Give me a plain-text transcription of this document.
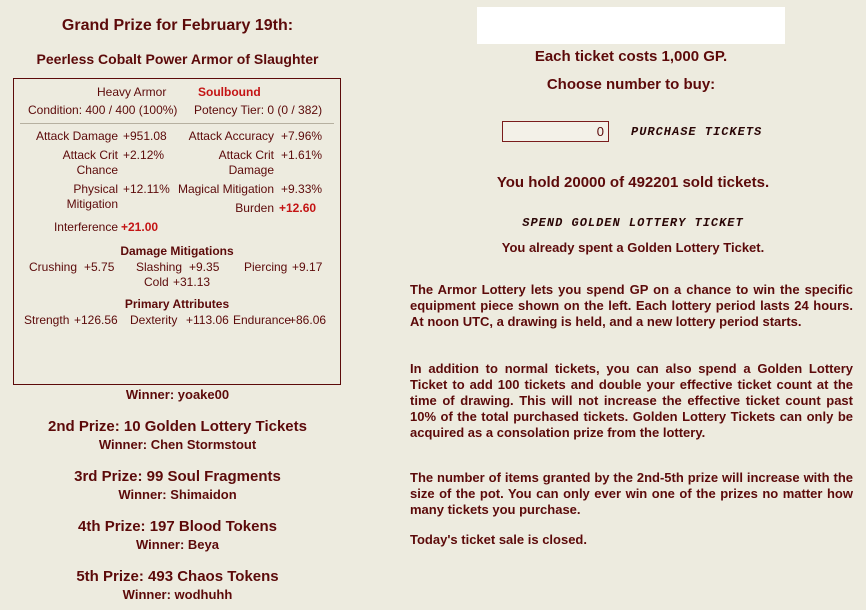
Grand Prize for February 19th:
Peerless Cobalt Power Armor of Slaughter
Heavy Armor	Soulbound
Condition: 400 / 400 (100%) Potency Tier: 0 (0 / 382)
Attack Damage +951.08 Attack Accuracy +7.96%
Attack Crit
Chance
+2.12%	Attack Crit
Damage
+1.61%
Physical
Mitigation
+12.11% Magical Mitigation +9.33%
Burden +12.60
Interference +21.00
Damage Mitigations
Crushing +5.75 Slashing +9.35 Piercing +9.17
Cold +31.13
Primary Attributes
Strength +126.56 Dexterity +113.06 Endurance
+86.06
Winner: yoake00
2nd Prize: 10 Golden Lottery Tickets
Winner: Chen Stormstout
3rd Prize: 99 Soul Fragments
Winner: Shimaidon
4th Prize: 197 Blood Tokens
Winner: Beya
5th Prize: 493 Chaos Tokens
Winner: wodhuhh
Each ticket costs 1,000 GP.
Choose number to buy:
0
PURCHASE TICKETS
You hold 20000 of 492201 sold tickets.
SPEND GOLDEN LOTTERY TICKET
You already spent a Golden Lottery Ticket.
The Armor Lottery lets you spend GP on a chance to win the specific equipment piece shown on the left. Each lottery period lasts 24 hours. At noon UTC, a drawing is held, and a new lottery period starts.
In addition to normal tickets, you can also spend a Golden Lottery Ticket to add 100 tickets and double your effective ticket count at the time of drawing. This will not increase the effective ticket count past 10% of the total purchased tickets. Golden Lottery Tickets can only be acquired as a consolation prize from the lottery.
The number of items granted by the 2nd-5th prize will increase with the size of the pot. You can only ever win one of the prizes no matter how many tickets you purchase.
Today's ticket sale is closed.
